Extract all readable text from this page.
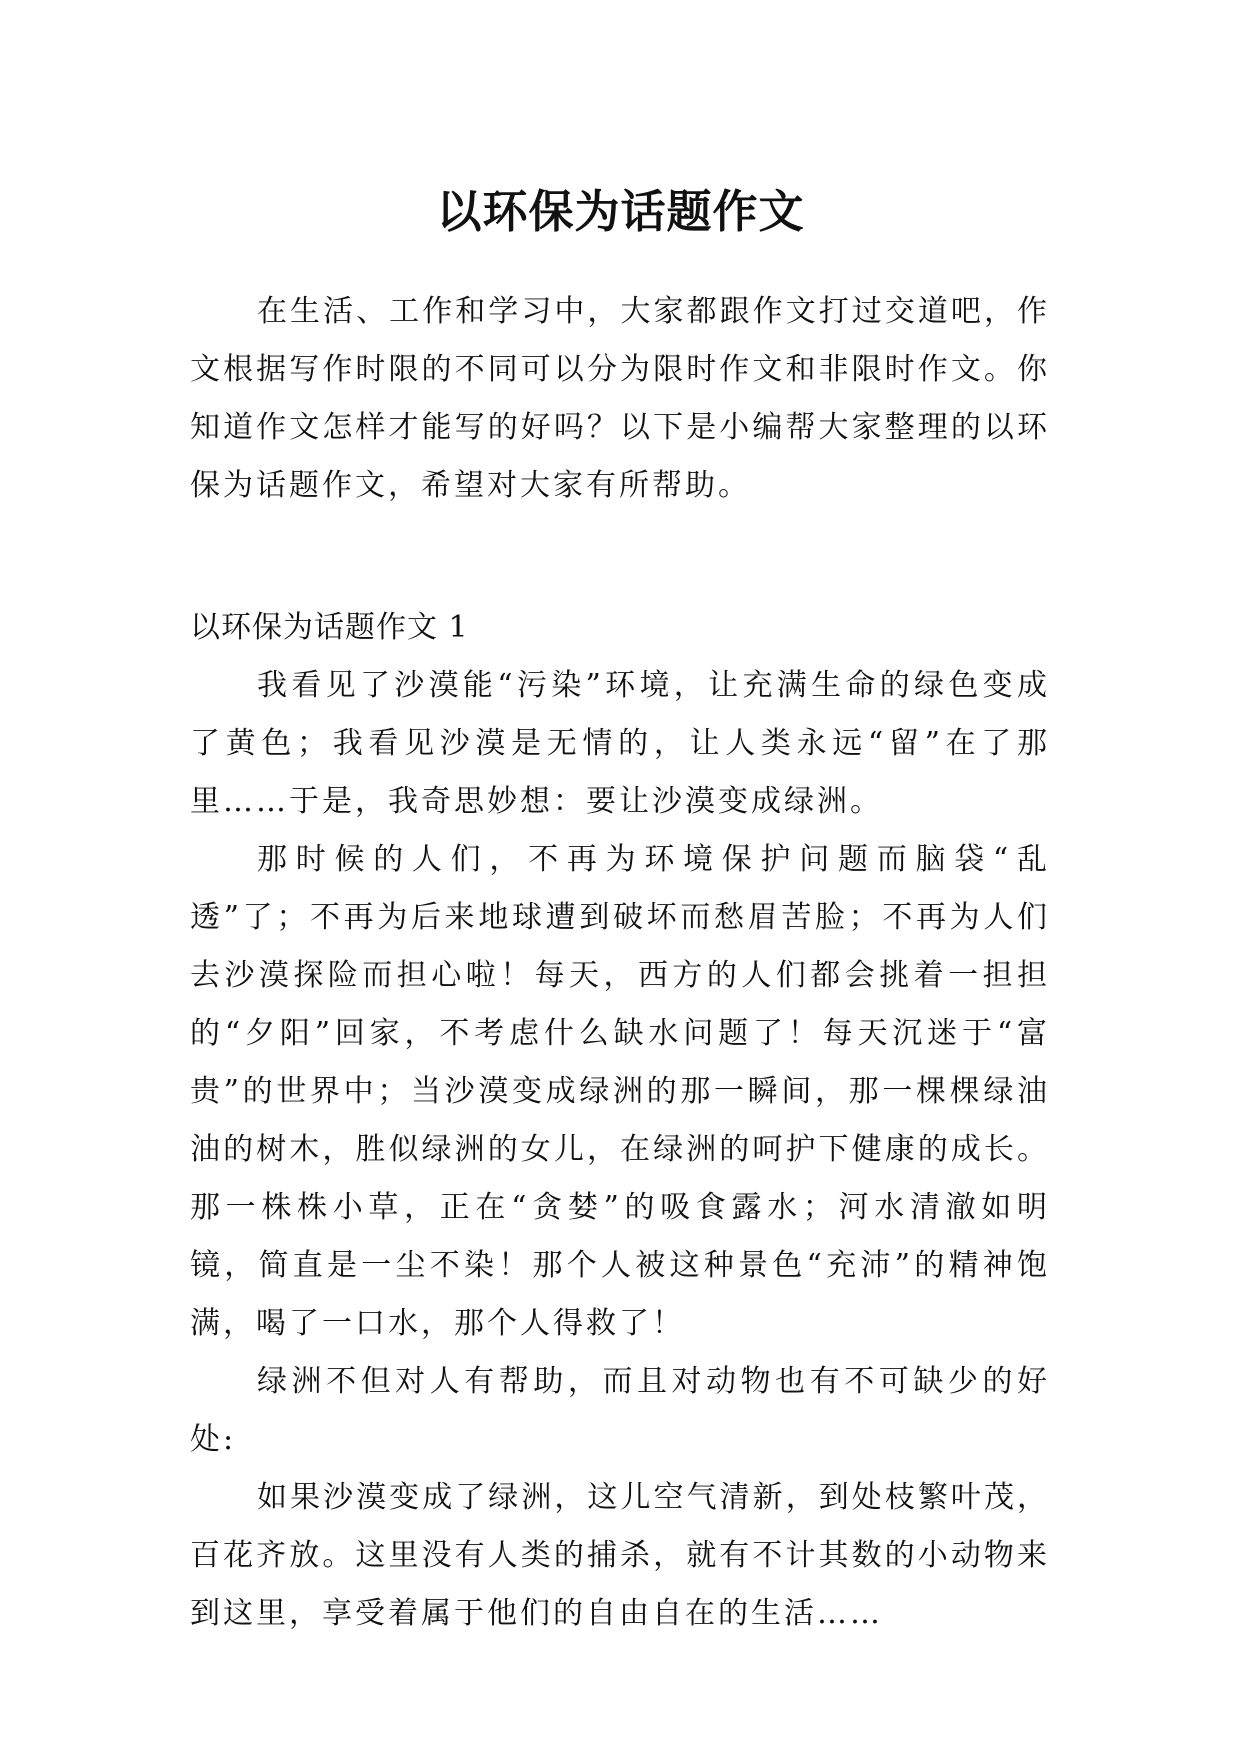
以环保为话题作文

在生活、工作和学习中，大家都跟作文打过交道吧，作文根据写作时限的不同可以分为限时作文和非限时作文。你知道作文怎样才能写的好吗？以下是小编帮大家整理的以环保为话题作文，希望对大家有所帮助。

以环保为话题作文 1

我看见了沙漠能“污染”环境，让充满生命的绿色变成了黄色；我看见沙漠是无情的，让人类永远“留”在了那里……于是，我奇思妙想：要让沙漠变成绿洲。

那时候的人们，不再为环境保护问题而脑袋“乱透”了；不再为后来地球遭到破坏而愁眉苦脸；不再为人们去沙漠探险而担心啦！每天，西方的人们都会挑着一担担的“夕阳”回家，不考虑什么缺水问题了！每天沉迷于“富贵”的世界中；当沙漠变成绿洲的那一瞬间，那一棵棵绿油油的树木，胜似绿洲的女儿，在绿洲的呵护下健康的成长。那一株株小草，正在“贪婪”的吸食露水；河水清澈如明镜，简直是一尘不染！那个人被这种景色“充沛”的精神饱满，喝了一口水，那个人得救了！

绿洲不但对人有帮助，而且对动物也有不可缺少的好处:

如果沙漠变成了绿洲，这儿空气清新，到处枝繁叶茂，百花齐放。这里没有人类的捕杀，就有不计其数的小动物来到这里，享受着属于他们的自由自在的生活……
